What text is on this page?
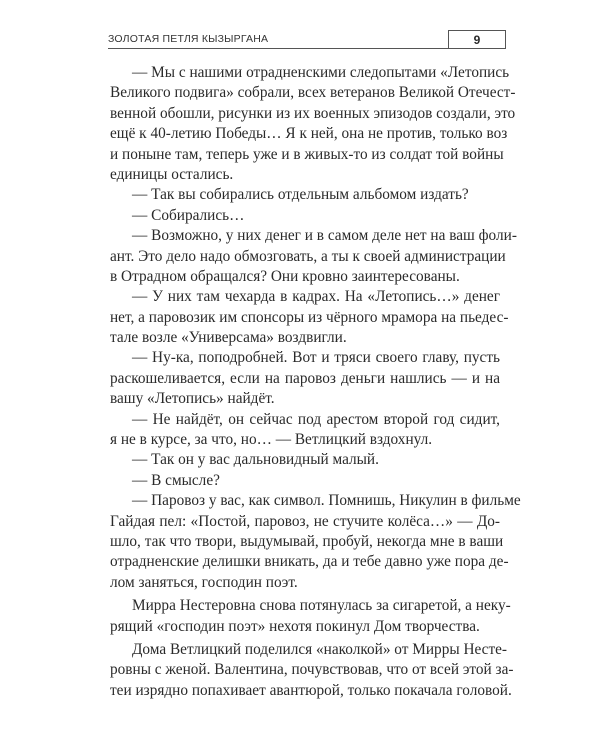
ЗОЛОТАЯ ПЕТЛЯ КЫЗЫРГАНА	9
— Мы с нашими отрадненскими следопытами «Летопись
Великого подвига» собрали, всех ветеранов Великой Отечест-
венной обошли, рисунки из их военных эпизодов создали, это
ещё к 40-летию Победы… Я к ней, она не против, только воз
и поныне там, теперь уже и в живых-то из солдат той войны
единицы остались.
— Так вы собирались отдельным альбомом издать?
— Собирались…
— Возможно, у них денег и в самом деле нет на ваш фоли-
ант. Это дело надо обмозговать, а ты к своей администрации
в Отрадном обращался? Они кровно заинтересованы.
— У них там чехарда в кадрах. На «Летопись…» денег
нет, а паровозик им спонсоры из чёрного мрамора на пьедес-
тале возле «Универсама» воздвигли.
— Ну-ка, поподробней. Вот и тряси своего главу, пусть
раскошеливается, если на паровоз деньги нашлись — и на
вашу «Летопись» найдёт.
— Не найдёт, он сейчас под арестом второй год сидит,
я не в курсе, за что, но… — Ветлицкий вздохнул.
— Так он у вас дальновидный малый.
— В смысле?
— Паровоз у вас, как символ. Помнишь, Никулин в фильме
Гайдая пел: «Постой, паровоз, не стучите колёса…» — До-
шло, так что твори, выдумывай, пробуй, некогда мне в ваши
отрадненские делишки вникать, да и тебе давно уже пора де-
лом заняться, господин поэт.
Мирра Нестеровна снова потянулась за сигаретой, а неку-
рящий «господин поэт» нехотя покинул Дом творчества.
Дома Ветлицкий поделился «наколкой» от Мирры Несте-
ровны с женой. Валентина, почувствовав, что от всей этой за-
теи изрядно попахивает авантюрой, только покачала головой.
